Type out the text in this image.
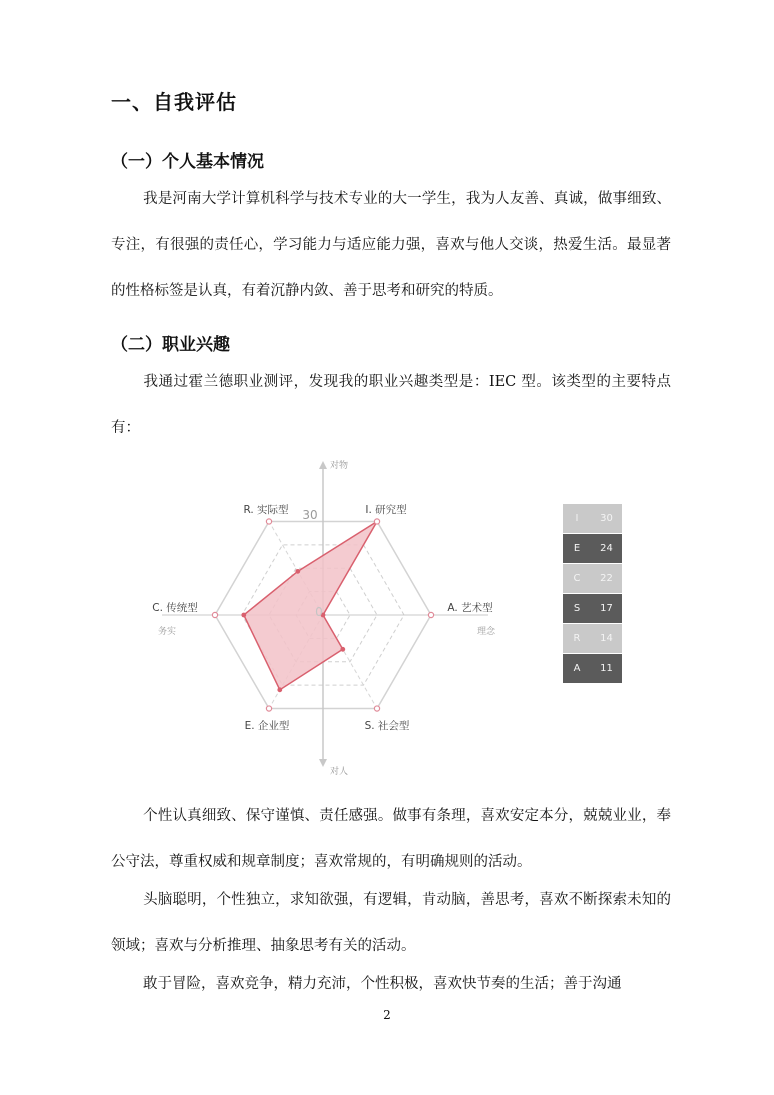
一、自我评估
（一）个人基本情况

我是河南大学计算机科学与技术专业的大一学生，我为人友善、真诚，做事细致、专注，有很强的责任心，学习能力与适应能力强，喜欢与他人交谈，热爱生活。最显著的性格标签是认真，有着沉静内敛、善于思考和研究的特质。

（二）职业兴趣

我通过霍兰德职业测评，发现我的职业兴趣类型是：IEC 型。该类型的主要特点有：

30
0
I. 研究型
A. 艺术型
S. 社会型
E. 企业型
C. 传统型
R. 实际型
对物
对人
务实	理念
I	30
E	24
C	22
S	17
R	14
A	11

个性认真细致、保守谨慎、责任感强。做事有条理，喜欢安定本分，兢兢业业，奉公守法，尊重权威和规章制度；喜欢常规的，有明确规则的活动。

头脑聪明，个性独立，求知欲强，有逻辑，肯动脑，善思考，喜欢不断探索未知的领域；喜欢与分析推理、抽象思考有关的活动。

敢于冒险，喜欢竞争，精力充沛，个性积极，喜欢快节奏的生活；善于沟通

2
